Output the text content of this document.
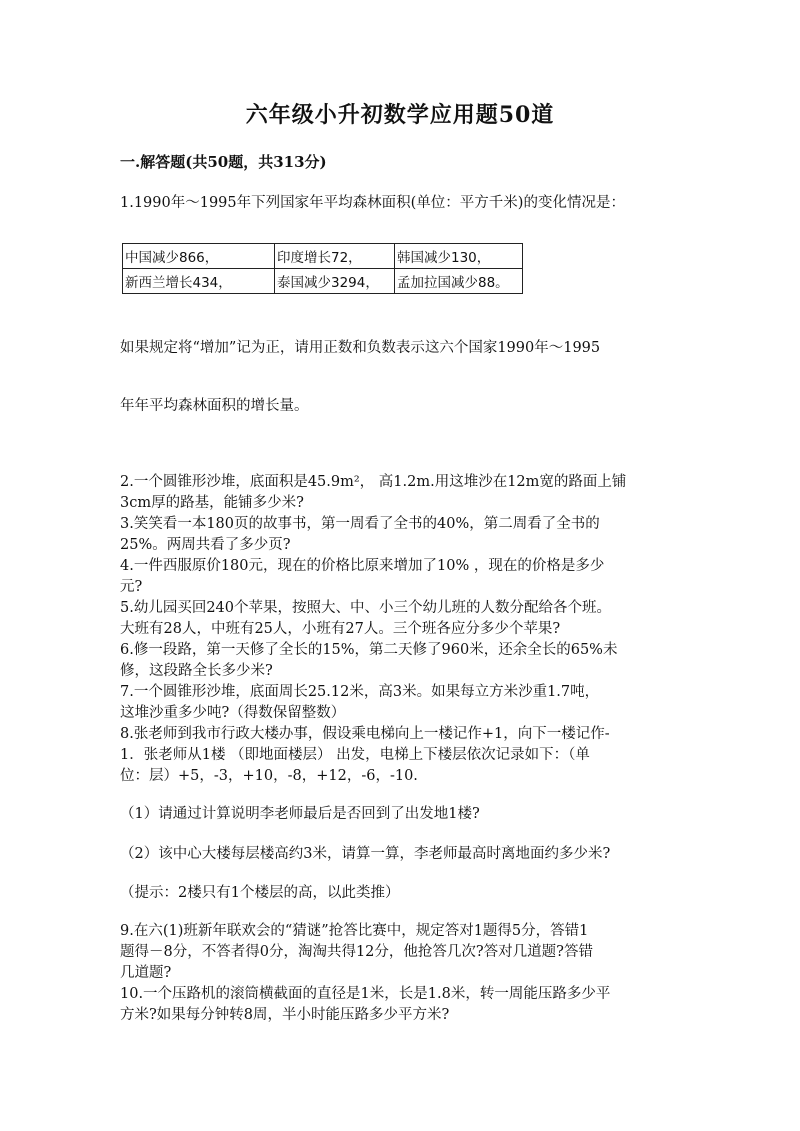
六年级小升初数学应用题50道
一.解答题(共50题，共313分)
1.1990年～1995年下列国家年平均森林面积(单位：平方千米)的变化情况是：
中国减少866，	印度增长72，	韩国减少130，
新西兰增长434，	泰国减少3294，	孟加拉国减少88。
如果规定将“增加”记为正，请用正数和负数表示这六个国家1990年～1995
年年平均森林面积的增长量。
2.一个圆锥形沙堆，底面积是45.9m²， 高1.2m.用这堆沙在12m宽的路面上铺
3cm厚的路基，能铺多少米?
3.笑笑看一本180页的故事书，第一周看了全书的40%，第二周看了全书的
25%。两周共看了多少页?
4.一件西服原价180元，现在的价格比原来增加了10% ，现在的价格是多少
元?
5.幼儿园买回240个苹果，按照大、中、小三个幼儿班的人数分配给各个班。
大班有28人，中班有25人，小班有27人。三个班各应分多少个苹果?
6.修一段路，第一天修了全长的15%，第二天修了960米，还余全长的65%未
修，这段路全长多少米?
7.一个圆锥形沙堆，底面周长25.12米，高3米。如果每立方米沙重1.7吨，
这堆沙重多少吨?（得数保留整数）
8.张老师到我市行政大楼办事，假设乘电梯向上一楼记作+1，向下一楼记作-
1．张老师从1楼 （即地面楼层） 出发，电梯上下楼层依次记录如下：（单
位：层）+5，-3，+10，-8，+12，-6，-10.
（1）请通过计算说明李老师最后是否回到了出发地1楼?
（2）该中心大楼每层楼高约3米，请算一算，李老师最高时离地面约多少米?
（提示：2楼只有1个楼层的高，以此类推）
9.在六(1)班新年联欢会的“猜谜”抢答比赛中，规定答对1题得5分，答错1
题得－8分，不答者得0分，淘淘共得12分，他抢答几次?答对几道题?答错
几道题?
10.一个压路机的滚筒横截面的直径是1米，长是1.8米，转一周能压路多少平
方米?如果每分钟转8周，半小时能压路多少平方米?
